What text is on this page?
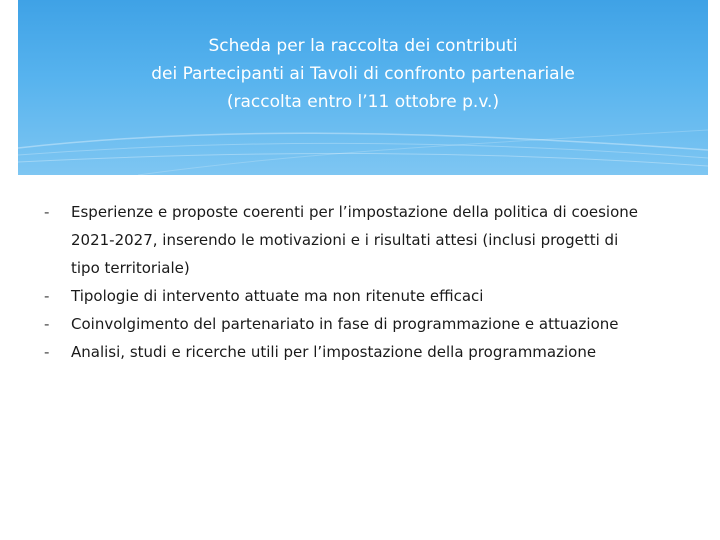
Scheda per la raccolta dei contributi
dei Partecipanti ai Tavoli di confronto partenariale
(raccolta entro l’11 ottobre p.v.)
- Esperienze e proposte coerenti per l’impostazione della politica di coesione 2021-2027, inserendo le motivazioni e i risultati attesi (inclusi progetti di tipo territoriale)
- Tipologie di intervento attuate ma non ritenute efficaci
- Coinvolgimento del partenariato in fase di programmazione e attuazione
- Analisi, studi e ricerche utili per l’impostazione della programmazione
